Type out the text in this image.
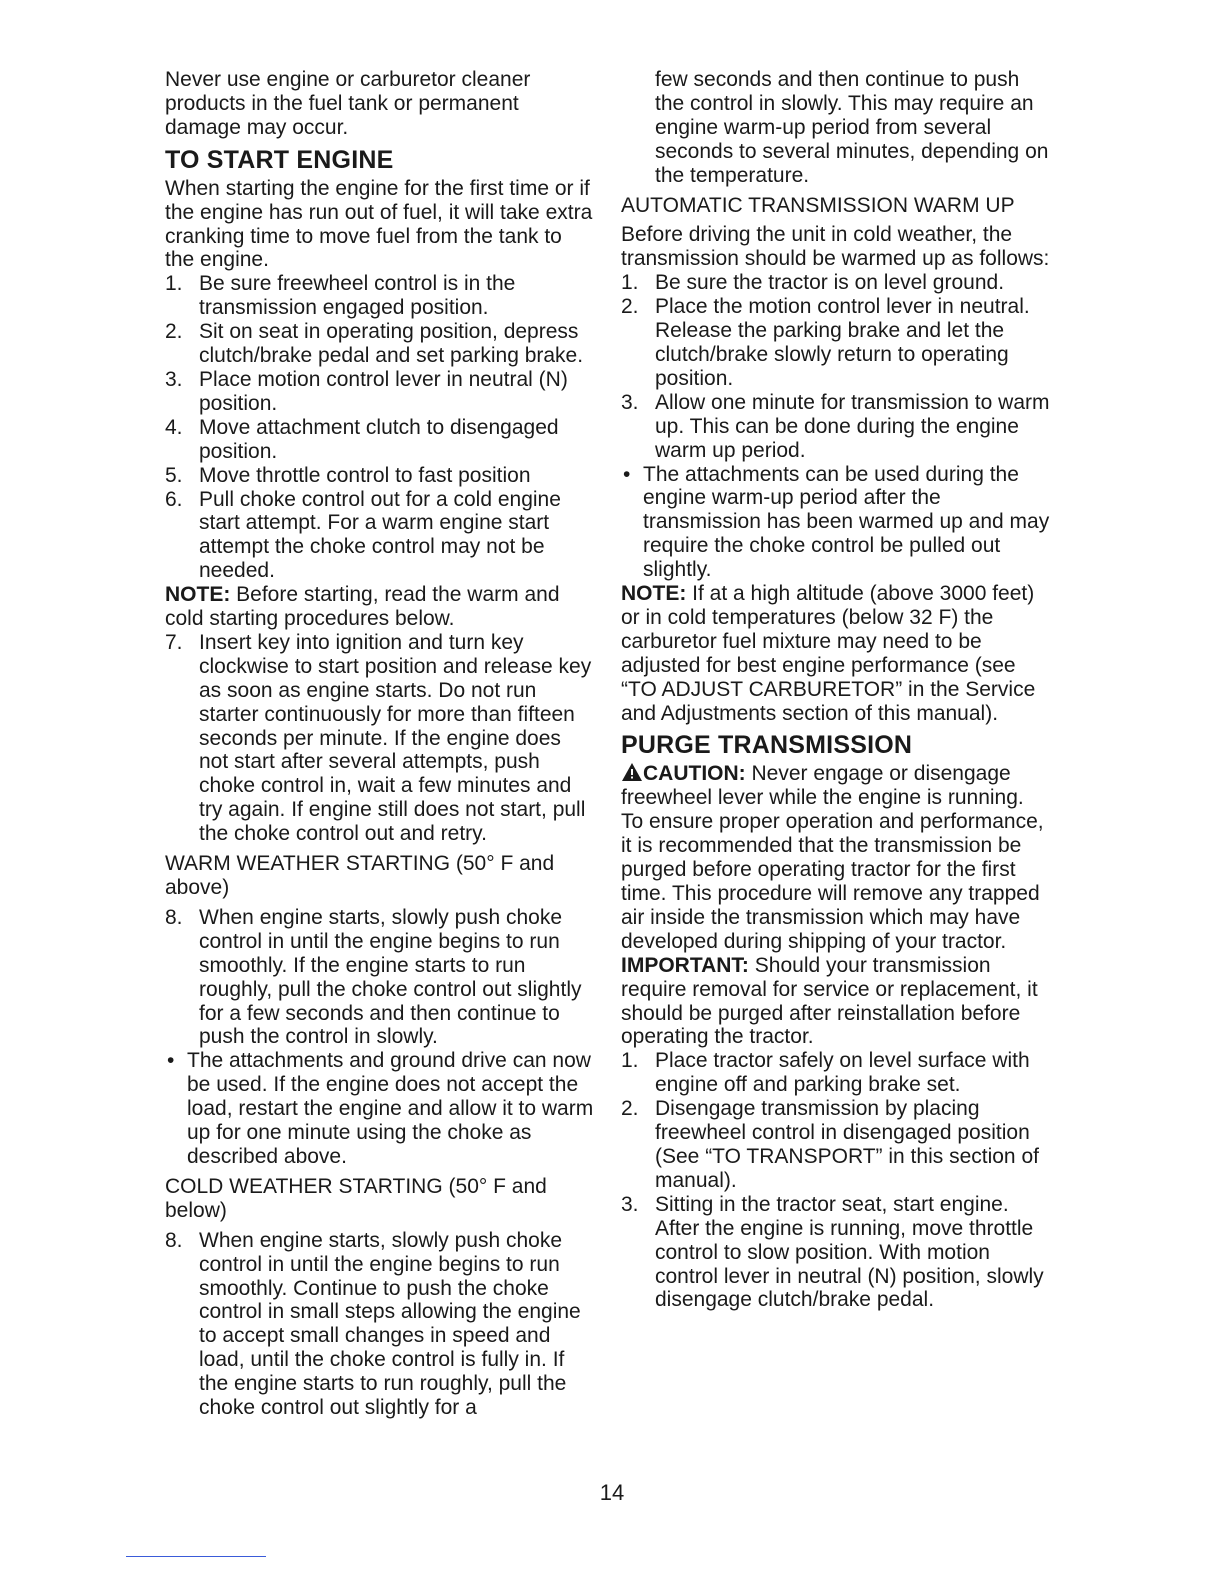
Never use engine or carburetor cleaner products in the fuel tank or permanent damage may occur.

TO START ENGINE

When starting the engine for the first time or if the engine has run out of fuel, it will take extra cranking time to move fuel from the tank to the engine.

1. Be sure freewheel control is in the transmission engaged position.
2. Sit on seat in operating position, depress clutch/brake pedal and set parking brake.
3. Place motion control lever in neutral (N) position.
4. Move attachment clutch to disengaged position.
5. Move throttle control to fast position
6. Pull choke control out for a cold engine start attempt. For a warm engine start attempt the choke control may not be needed.

NOTE: Before starting, read the warm and cold starting procedures below.

7. Insert key into ignition and turn key clockwise to start position and release key as soon as engine starts. Do not run starter continuously for more than fifteen seconds per minute. If the engine does not start after several attempts, push choke control in, wait a few minutes and try again. If engine still does not start, pull the choke control out and retry.

WARM WEATHER STARTING (50° F and above)

8. When engine starts, slowly push choke control in until the engine begins to run smoothly. If the engine starts to run roughly, pull the choke control out slightly for a few seconds and then continue to push the control in slowly.
• The attachments and ground drive can now be used. If the engine does not accept the load, restart the engine and allow it to warm up for one minute using the choke as described above.

COLD WEATHER STARTING (50° F and below)

8. When engine starts, slowly push choke control in until the engine begins to run smoothly. Continue to push the choke control in small steps allowing the engine to accept small changes in speed and load, until the choke control is fully in. If the engine starts to run roughly, pull the choke control out slightly for a
few seconds and then continue to push the control in slowly. This may require an engine warm-up period from several seconds to several minutes, depending on the temperature.

AUTOMATIC TRANSMISSION WARM UP

Before driving the unit in cold weather, the transmission should be warmed up as follows:

1. Be sure the tractor is on level ground.
2. Place the motion control lever in neutral. Release the parking brake and let the clutch/brake slowly return to operating position.
3. Allow one minute for transmission to warm up. This can be done during the engine warm up period.
• The attachments can be used during the engine warm-up period after the transmission has been warmed up and may require the choke control be pulled out slightly.

NOTE: If at a high altitude (above 3000 feet) or in cold temperatures (below 32 F) the carburetor fuel mixture may need to be adjusted for best engine performance (see “TO ADJUST CARBURETOR” in the Service and Adjustments section of this manual).

PURGE TRANSMISSION

CAUTION: Never engage or disengage freewheel lever while the engine is running.

To ensure proper operation and performance, it is recommended that the transmission be purged before operating tractor for the first time. This procedure will remove any trapped air inside the transmission which may have developed during shipping of your tractor.

IMPORTANT: Should your transmission require removal for service or replacement, it should be purged after reinstallation before operating the tractor.

1. Place tractor safely on level surface with engine off and parking brake set.
2. Disengage transmission by placing freewheel control in disengaged position (See “TO TRANSPORT” in this section of manual).
3. Sitting in the tractor seat, start engine. After the engine is running, move throttle control to slow position. With motion control lever in neutral (N) position, slowly disengage clutch/brake pedal.
14
